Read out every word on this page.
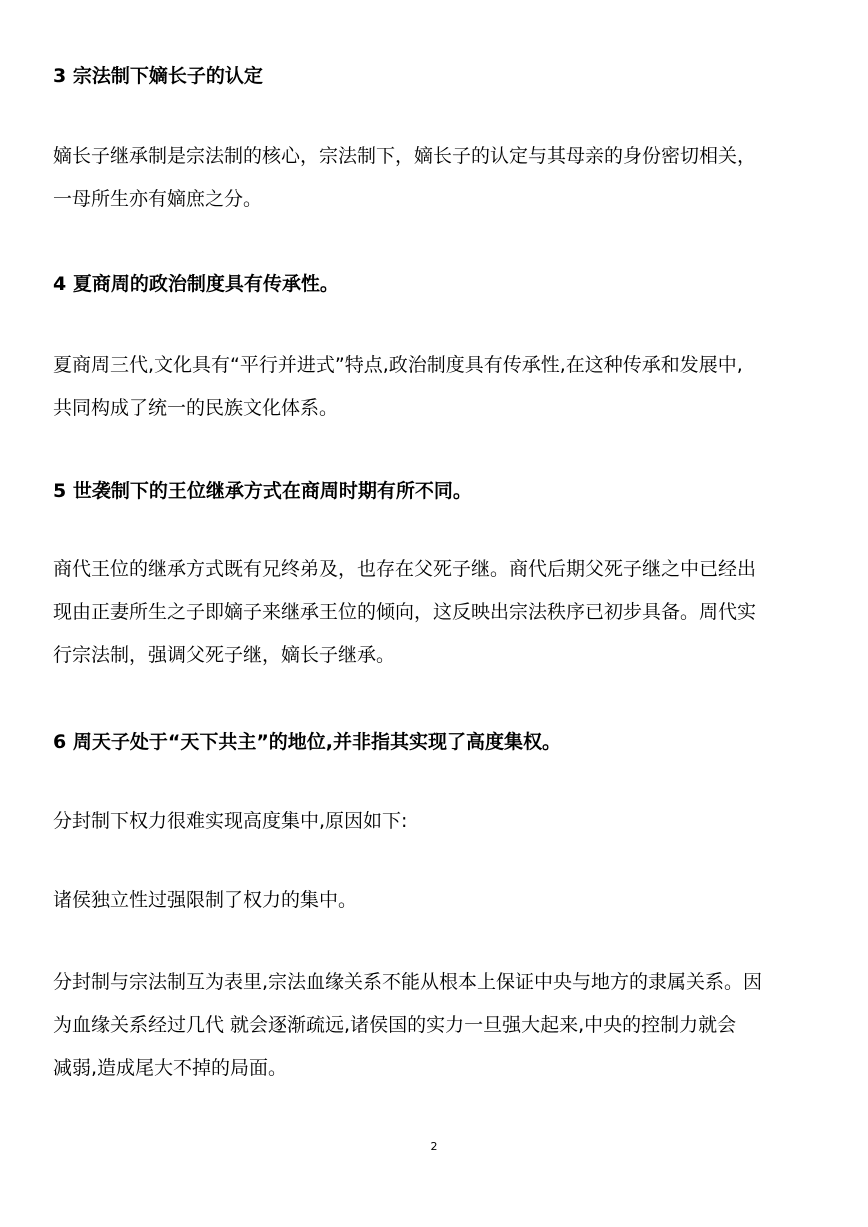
3 宗法制下嫡长子的认定
嫡长子继承制是宗法制的核心，宗法制下，嫡长子的认定与其母亲的身份密切相关，
一母所生亦有嫡庶之分。
4 夏商周的政治制度具有传承性。
夏商周三代,文化具有“平行并进式”特点,政治制度具有传承性,在这种传承和发展中,
共同构成了统一的民族文化体系。
5 世袭制下的王位继承方式在商周时期有所不同。
商代王位的继承方式既有兄终弟及，也存在父死子继。商代后期父死子继之中已经出
现由正妻所生之子即嫡子来继承王位的倾向，这反映出宗法秩序已初步具备。周代实
行宗法制，强调父死子继，嫡长子继承。
6 周天子处于“天下共主”的地位,并非指其实现了高度集权。
分封制下权力很难实现高度集中,原因如下:
诸侯独立性过强限制了权力的集中。
分封制与宗法制互为表里,宗法血缘关系不能从根本上保证中央与地方的隶属关系。因
为血缘关系经过几代 就会逐渐疏远,诸侯国的实力一旦强大起来,中央的控制力就会
减弱,造成尾大不掉的局面。
2
